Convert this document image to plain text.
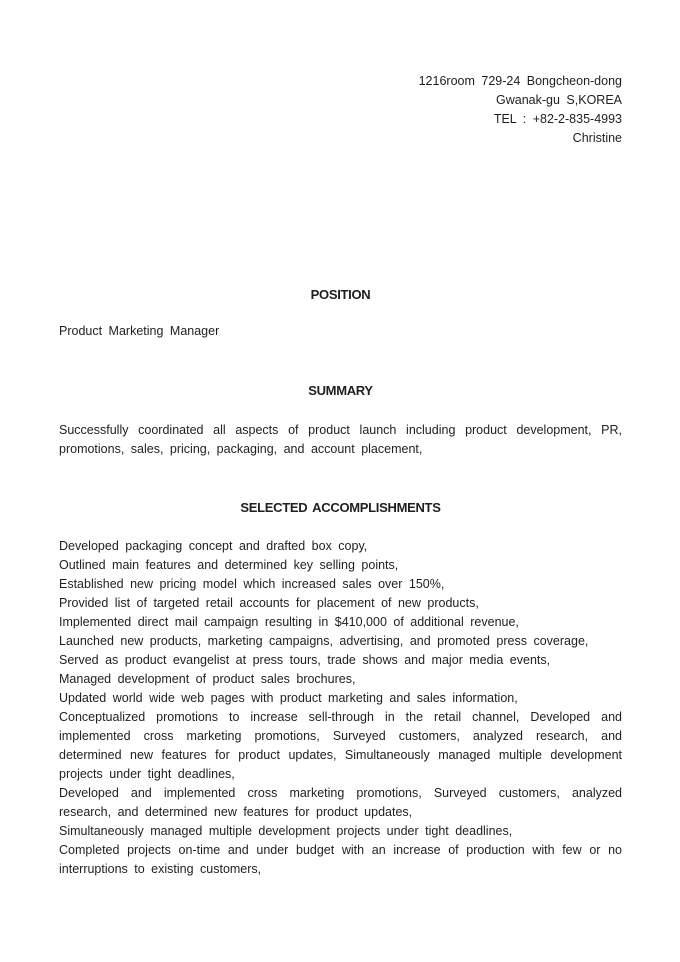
1216room 729-24 Bongcheon-dong
Gwanak-gu S,KOREA
TEL : +82-2-835-4993
Christine
POSITION
Product Marketing Manager
SUMMARY
Successfully coordinated all aspects of product launch including product development, PR, promotions, sales, pricing, packaging, and account placement,
SELECTED ACCOMPLISHMENTS
Developed packaging concept and drafted box copy,
Outlined main features and determined key selling points,
Established new pricing model which increased sales over 150%,
Provided list of targeted retail accounts for placement of new products,
Implemented direct mail campaign resulting in $410,000 of additional revenue,
Launched new products, marketing campaigns, advertising, and promoted press coverage,
Served as product evangelist at press tours, trade shows and major media events,
Managed development of product sales brochures,
Updated world wide web pages with product marketing and sales information,
Conceptualized promotions to increase sell-through in the retail channel, Developed and implemented cross marketing promotions, Surveyed customers, analyzed research, and determined new features for product updates, Simultaneously managed multiple development projects under tight deadlines,
Developed and implemented cross marketing promotions, Surveyed customers, analyzed research, and determined new features for product updates,
Simultaneously managed multiple development projects under tight deadlines,
Completed projects on-time and under budget with an increase of production with few or no interruptions to existing customers,
